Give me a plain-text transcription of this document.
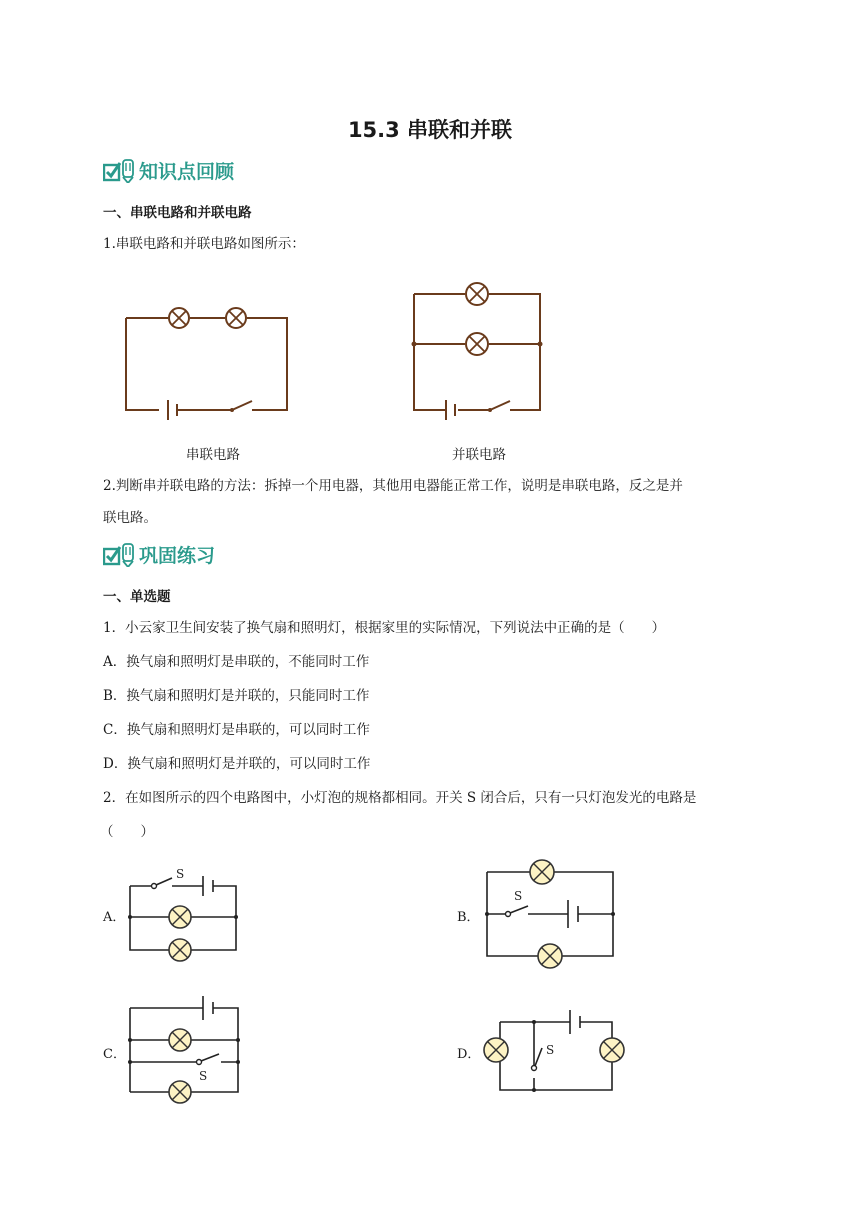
15.3 串联和并联
知识点回顾
一、串联电路和并联电路
1.串联电路和并联电路如图所示：
串联电路	并联电路
2.判断串并联电路的方法：拆掉一个用电器，其他用电器能正常工作，说明是串联电路，反之是并
联电路。
巩固练习
一、单选题
1．小云家卫生间安装了换气扇和照明灯，根据家里的实际情况，下列说法中正确的是（　　）
A．换气扇和照明灯是串联的，不能同时工作
B．换气扇和照明灯是并联的，只能同时工作
C．换气扇和照明灯是串联的，可以同时工作
D．换气扇和照明灯是并联的，可以同时工作
2．在如图所示的四个电路图中，小灯泡的规格都相同。开关 S 闭合后，只有一只灯泡发光的电路是
（　　）
A．
S
B．
S
C．
S
D．	S
